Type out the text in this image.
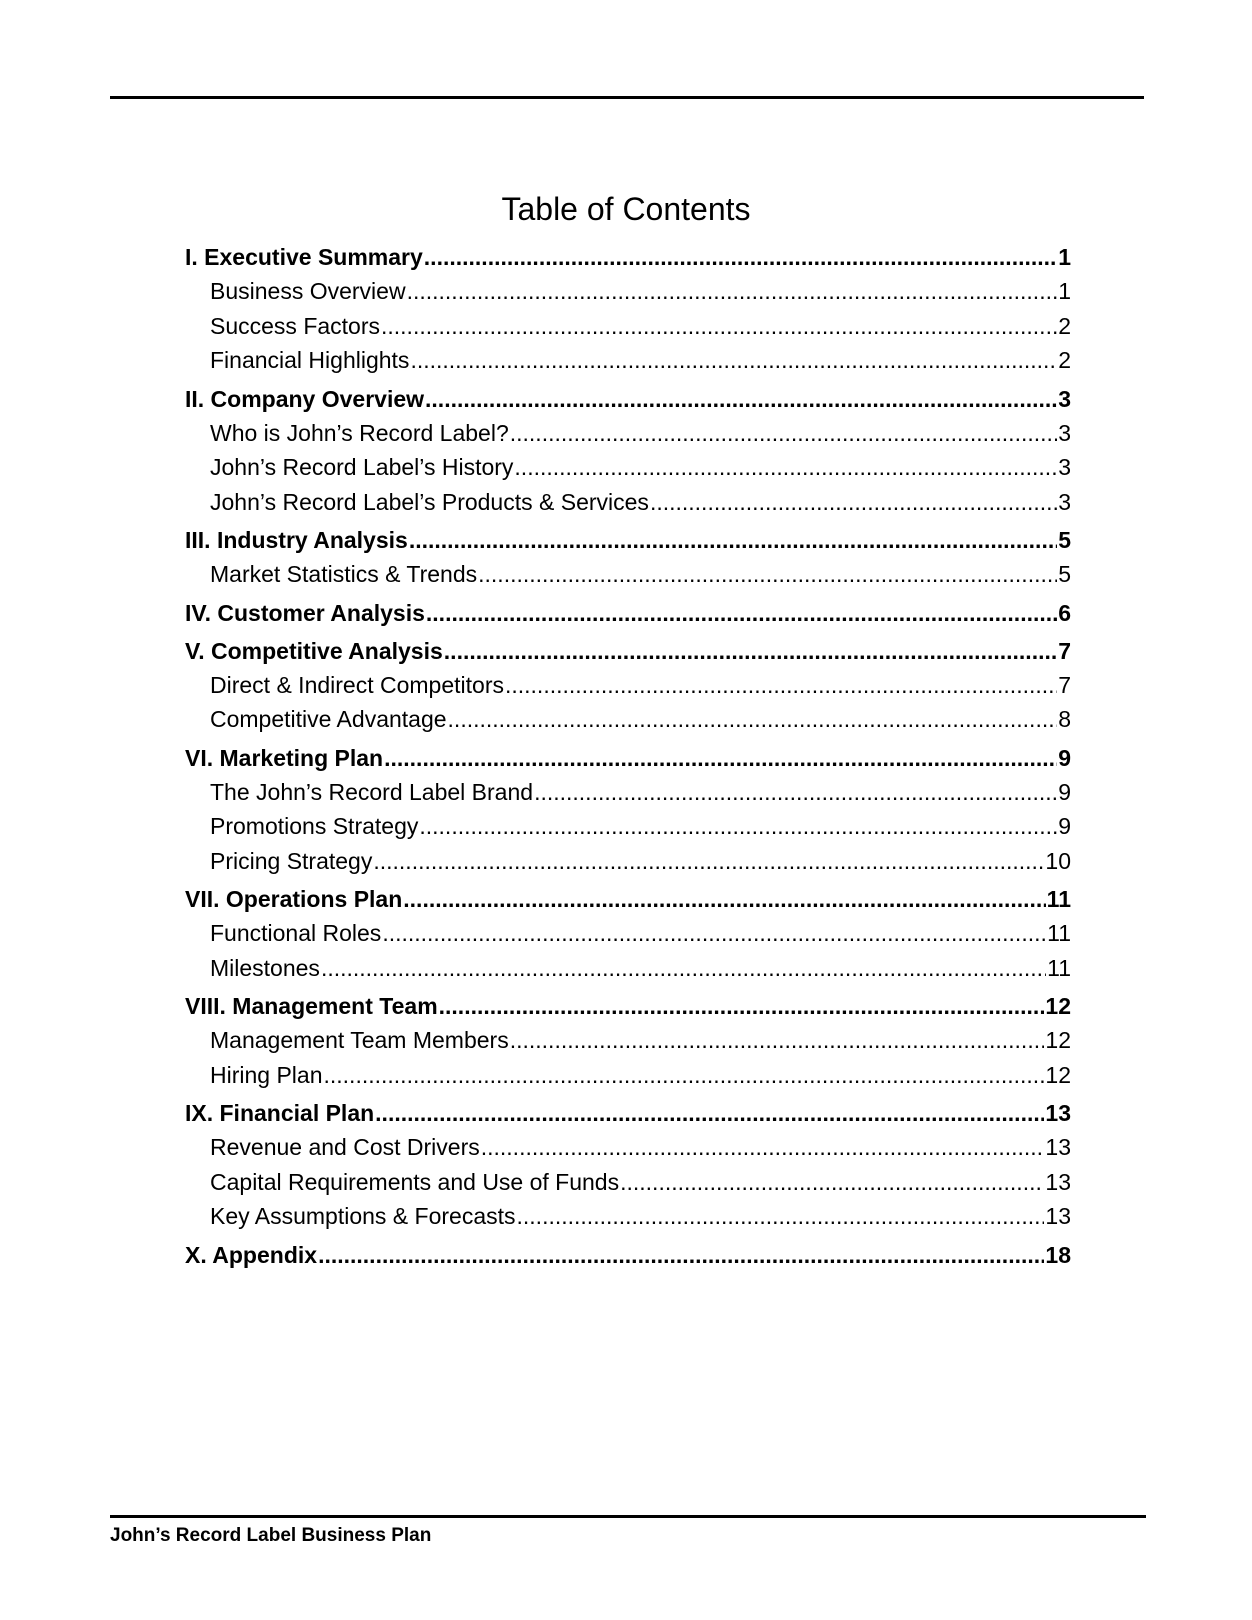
Table of Contents
I. Executive Summary .....	1
Business Overview .....	1
Success Factors .....	2
Financial Highlights .....	2
II. Company Overview .....	3
Who is John’s Record Label? .....	3
John’s Record Label’s History .....	3
John’s Record Label’s Products & Services .....	3
III. Industry Analysis .....	5
Market Statistics & Trends .....	5
IV. Customer Analysis .....	6
V. Competitive Analysis .....	7
Direct & Indirect Competitors .....	7
Competitive Advantage .....	8
VI. Marketing Plan .....	9
The John’s Record Label Brand .....	9
Promotions Strategy .....	9
Pricing Strategy .....	10
VII. Operations Plan .....	11
Functional Roles .....	11
Milestones .....	11
VIII. Management Team .....	12
Management Team Members .....	12
Hiring Plan .....	12
IX. Financial Plan .....	13
Revenue and Cost Drivers .....	13
Capital Requirements and Use of Funds .....	13
Key Assumptions & Forecasts .....	13
X. Appendix .....	18
John’s Record Label Business Plan
